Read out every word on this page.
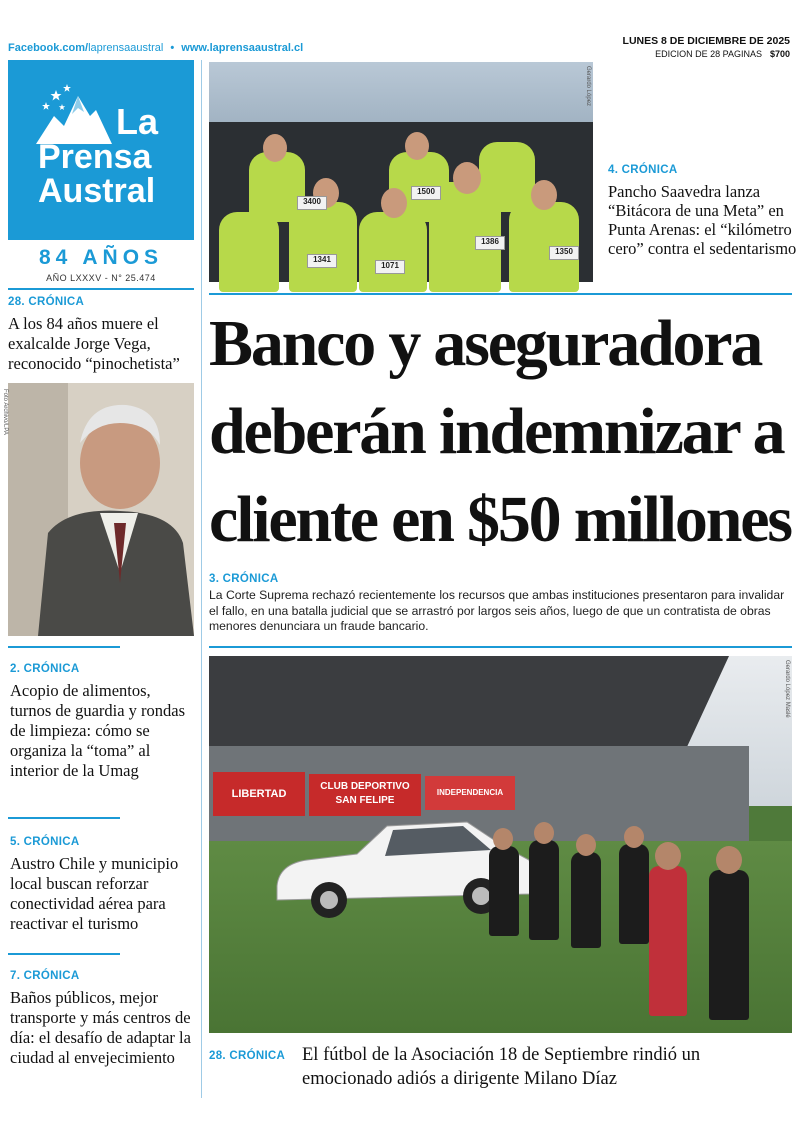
Facebook.com/laprensaaustral • www.laprensaaustral.cl
LUNES 8 DE DICIEMBRE DE 2025
EDICION DE 28 PAGINAS $700
La
Prensa
Austral
84 AÑOS
AÑO LXXXV - N° 25.474
28. CRÓNICA
A los 84 años muere el exalcalde Jorge Vega, reconocido “pinochetista”
Foto Archivo/LPA
2. CRÓNICA
Acopio de alimentos, turnos de guardia y rondas de limpieza: cómo se organiza la “toma” al interior de la Umag
5. CRÓNICA
Austro Chile y municipio local buscan reforzar conectividad aérea para reactivar el turismo
7. CRÓNICA
Baños públicos, mejor transporte y más centros de día: el desafío de adaptar la ciudad al envejecimiento
3400
1500
1341
1071
1386
1350
Gerardo López
4. CRÓNICA
Pancho Saavedra lanza “Bitácora de una Meta” en Punta Arenas: el “kilómetro cero” contra el sedentarismo
Banco y aseguradora
deberán indemnizar a
cliente en $50 millones
3. CRÓNICA
La Corte Suprema rechazó recientemente los recursos que ambas instituciones presentaron para invalidar el fallo, en una batalla judicial que se arrastró por largos seis años, luego de que un contratista de obras menores denunciara un fraude bancario.
LIBERTAD
CLUB DEPORTIVO
SAN FELIPE
INDEPENDENCIA
Gerardo López Maslé
28. CRÓNICA El fútbol de la Asociación 18 de Septiembre rindió un emocionado adiós a dirigente Milano Díaz
